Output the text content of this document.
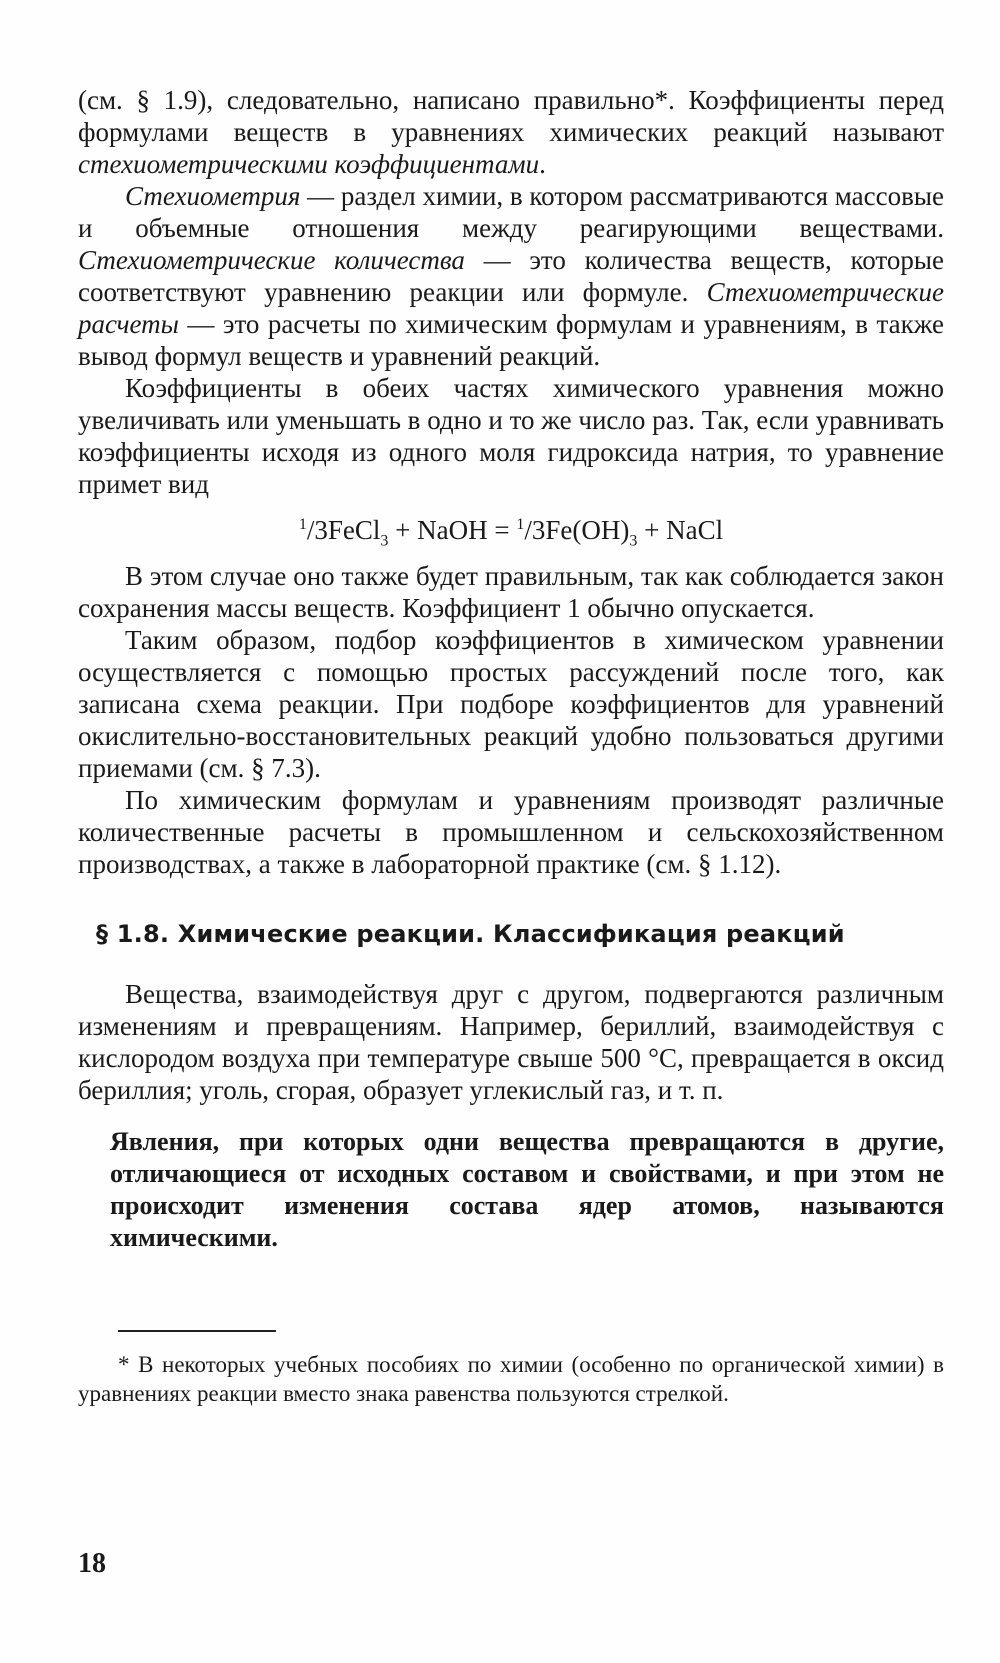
(см. § 1.9), следовательно, написано правильно*. Коэффициенты перед формулами веществ в уравнениях химических реакций называют стехиометрическими коэффициентами.

Стехиометрия — раздел химии, в котором рассматриваются массовые и объемные отношения между реагирующими веществами. Стехиометрические количества — это количества веществ, которые соответствуют уравнению реакции или формуле. Стехиометрические расчеты — это расчеты по химическим формулам и уравнениям, в также вывод формул веществ и уравнений реакций.

Коэффициенты в обеих частях химического уравнения можно увеличивать или уменьшать в одно и то же число раз. Так, если уравнивать коэффициенты исходя из одного моля гидроксида натрия, то уравнение примет вид

$^1$/3FeCl$_3$ + NaOH = $^1/3Fe(OH)_3$ + NaCl

В этом случае оно также будет правильным, так как соблюдается закон сохранения массы веществ. Коэффициент 1 обычно опускается.

Таким образом, подбор коэффициентов в химическом уравнении осуществляется с помощью простых рассуждений после того, как записана схема реакции. При подборе коэффициентов для уравнений окислительно-восстановительных реакций удобно пользоваться другими приемами (см. § 7.3).

По химическим формулам и уравнениям производят различные количественные расчеты в промышленном и сельскохозяйственном производствах, а также в лабораторной практике (см. § 1.12).

§ 1.8. Химические реакции. Классификация реакций

Вещества, взаимодействуя друг с другом, подвергаются различным изменениям и превращениям. Например, бериллий, взаимодействуя с кислородом воздуха при температуре свыше 500 °С, превращается в оксид бериллия; уголь, сгорая, образует углекислый газ, и т. п.

Явления, при которых одни вещества превращаются в другие, отличающиеся от исходных составом и свойствами, и при этом не происходит изменения состава ядер атомов, называются химическими.

* В некоторых учебных пособиях по химии (особенно по органической химии) в уравнениях реакции вместо знака равенства пользуются стрелкой.

18
